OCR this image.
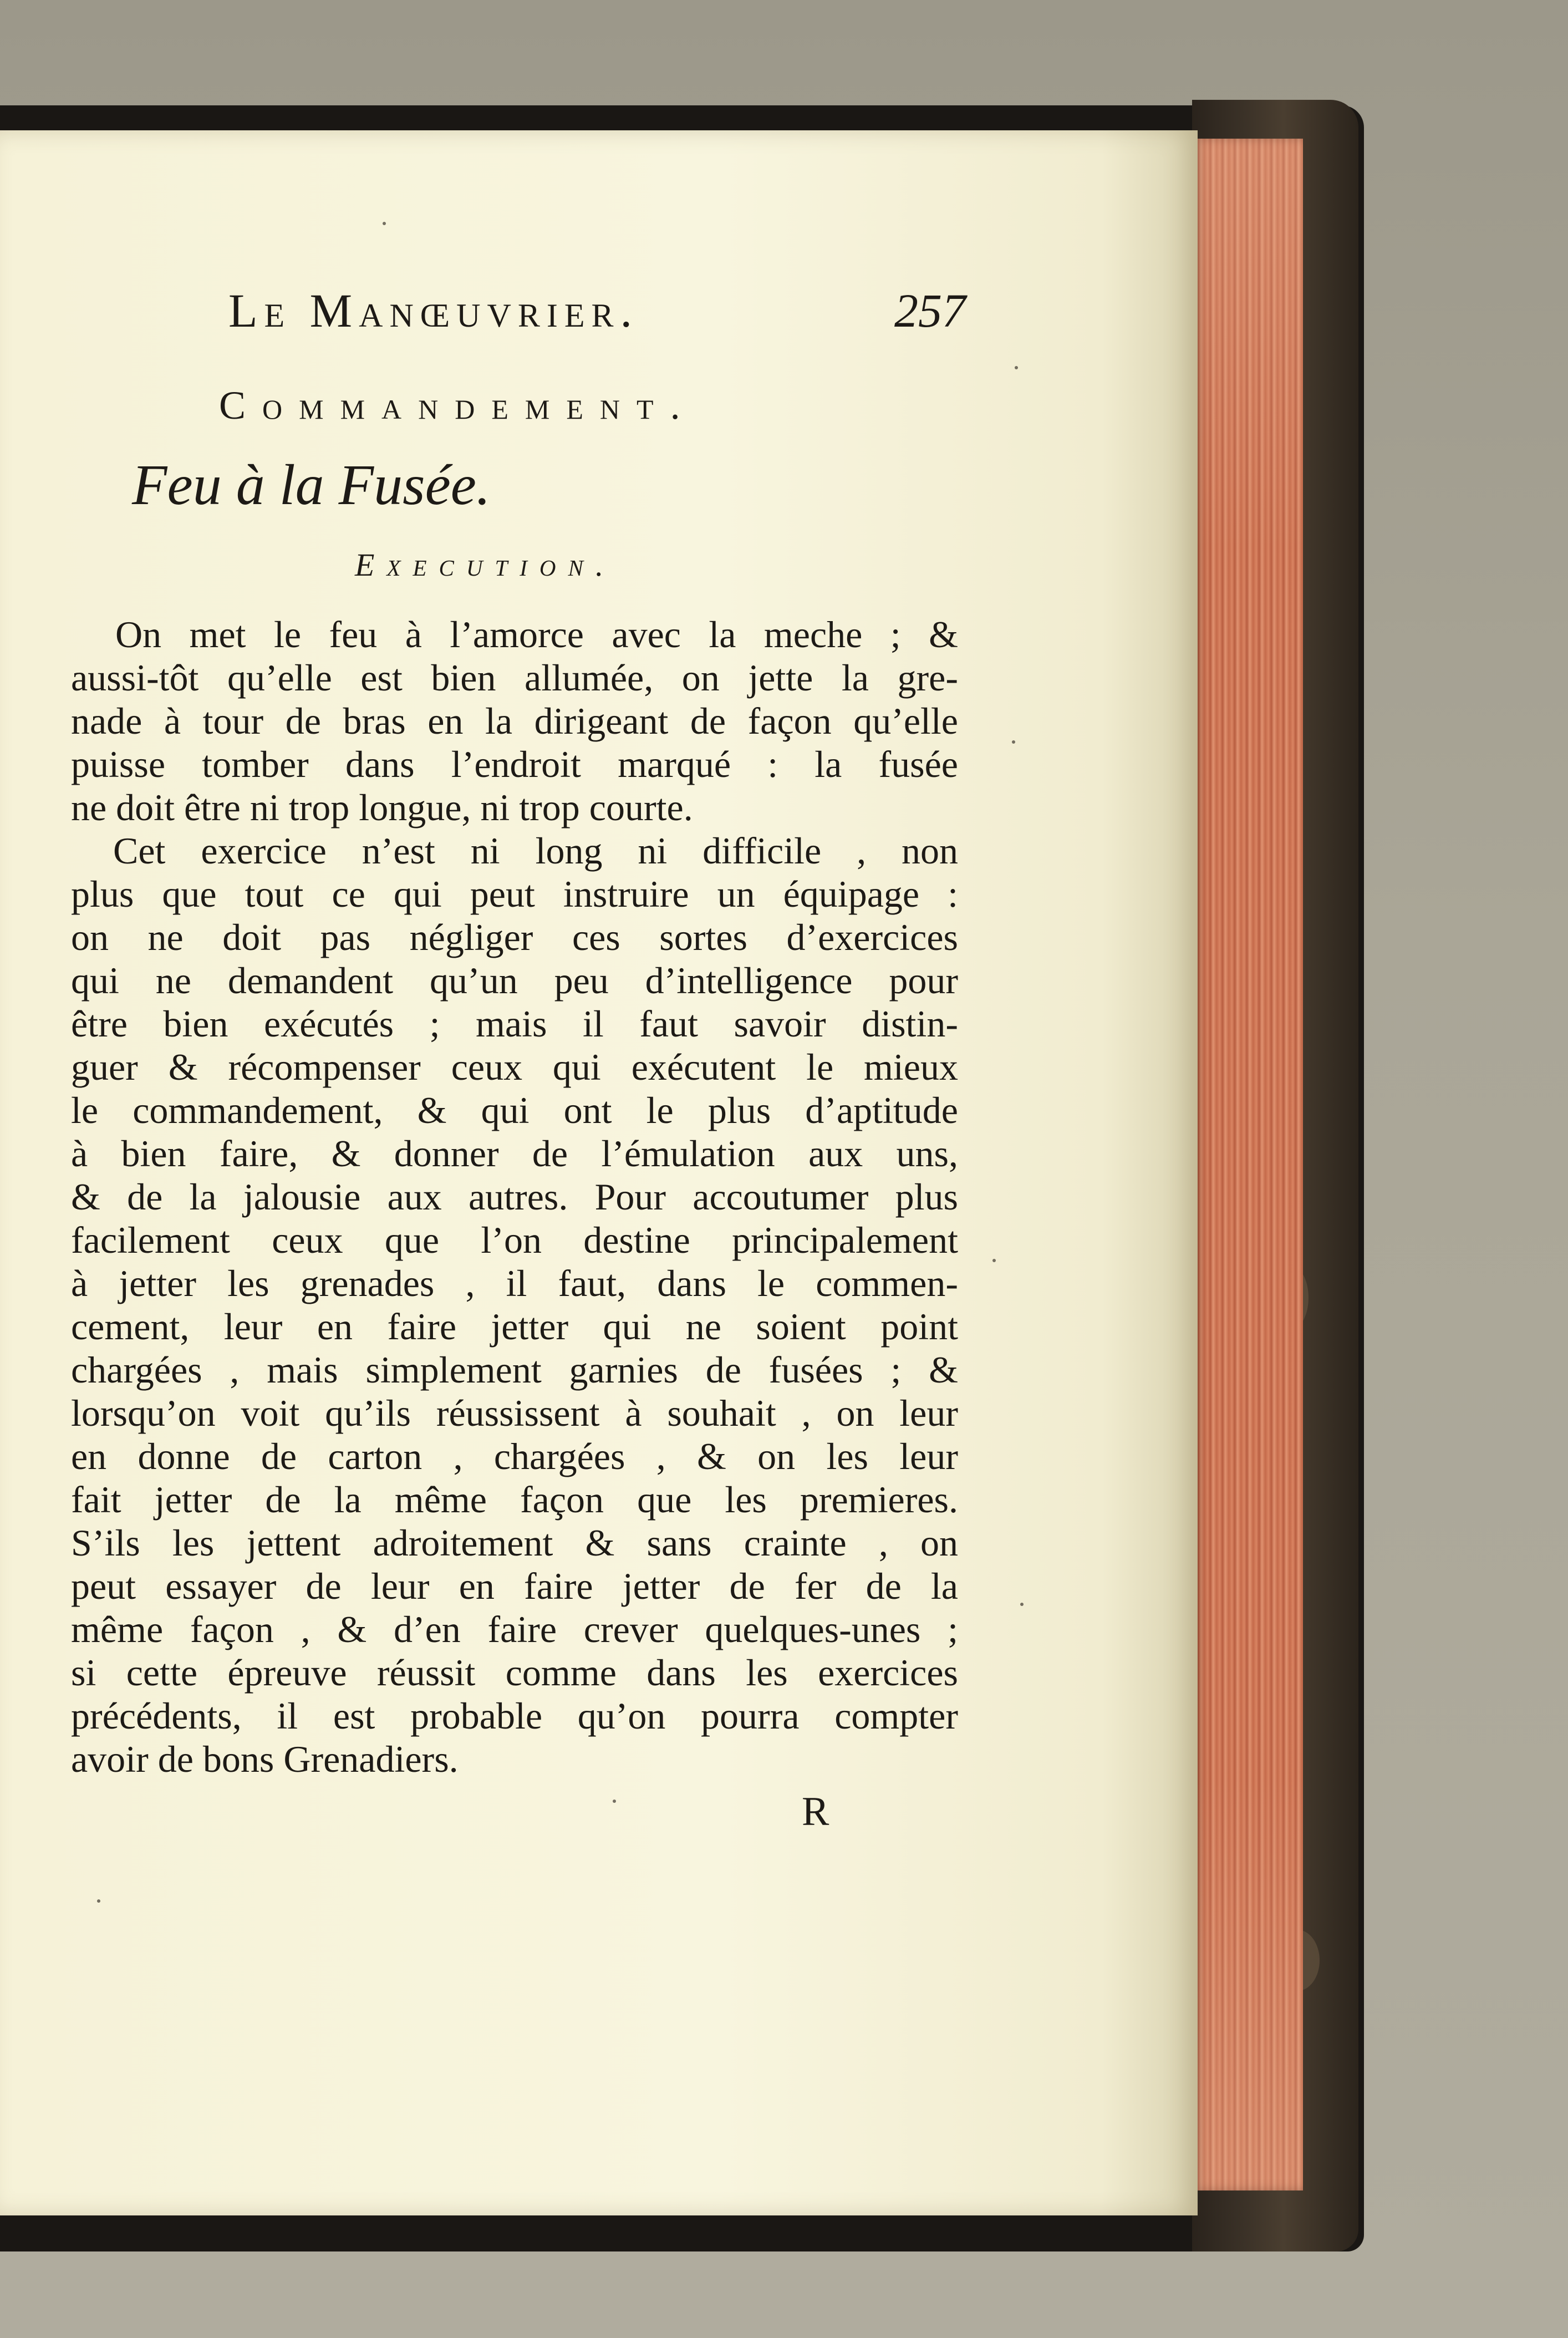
Le Manœuvrier.	257
Commandement.
Feu à la Fusée.
Execution.
On met le feu à l’amorce avec la meche ; &
aussi-tôt qu’elle est bien allumée, on jette la gre-
nade à tour de bras en la dirigeant de façon qu’elle
puisse tomber dans l’endroit marqué : la fusée
ne doit être ni trop longue, ni trop courte.
Cet exercice n’est ni long ni difficile , non
plus que tout ce qui peut instruire un équipage :
on ne doit pas négliger ces sortes d’exercices
qui ne demandent qu’un peu d’intelligence pour
être bien exécutés ; mais il faut savoir distin-
guer & récompenser ceux qui exécutent le mieux
le commandement, & qui ont le plus d’aptitude
à bien faire, & donner de l’émulation aux uns,
& de la jalousie aux autres. Pour accoutumer plus
facilement ceux que l’on destine principalement
à jetter les grenades , il faut, dans le commen-
cement, leur en faire jetter qui ne soient point
chargées , mais simplement garnies de fusées ; &
lorsqu’on voit qu’ils réussissent à souhait , on leur
en donne de carton , chargées , & on les leur
fait jetter de la même façon que les premieres.
S’ils les jettent adroitement & sans crainte , on
peut essayer de leur en faire jetter de fer de la
même façon , & d’en faire crever quelques-unes ;
si cette épreuve réussit comme dans les exercices
précédents, il est probable qu’on pourra compter
avoir de bons Grenadiers.
R
